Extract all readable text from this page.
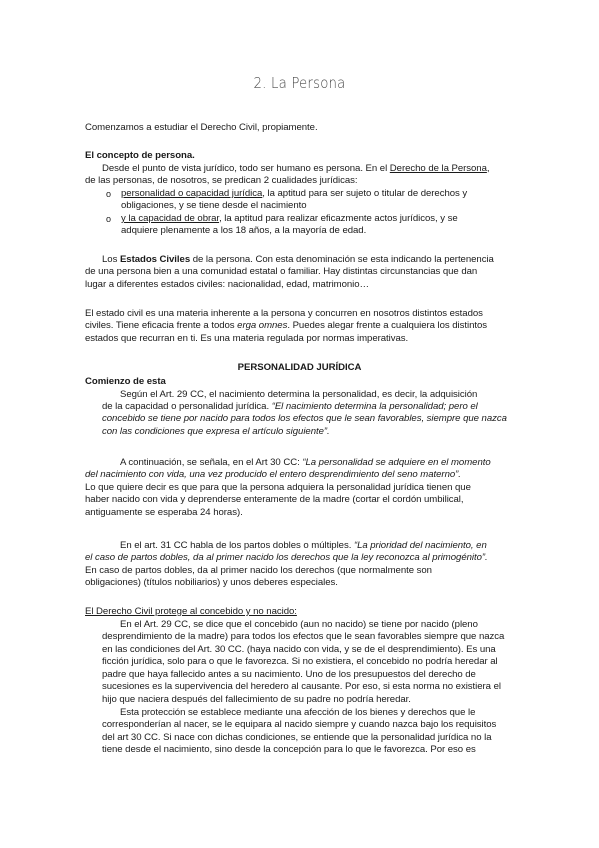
2. La Persona
Comenzamos a estudiar el Derecho Civil, propiamente.
El concepto de persona.
Desde el punto de vista jurídico, todo ser humano es persona. En el Derecho de la Persona,
de las personas, de nosotros, se predican 2 cualidades jurídicas:
o personalidad o capacidad jurídica, la aptitud para ser sujeto o titular de derechos y
obligaciones, y se tiene desde el nacimiento
o y la capacidad de obrar, la aptitud para realizar eficazmente actos jurídicos, y se
adquiere plenamente a los 18 años, a la mayoría de edad.
Los Estados Civiles de la persona. Con esta denominación se esta indicando la pertenencia
de una persona bien a una comunidad estatal o familiar. Hay distintas circunstancias que dan
lugar a diferentes estados civiles: nacionalidad, edad, matrimonio…
El estado civil es una materia inherente a la persona y concurren en nosotros distintos estados
civiles. Tiene eficacia frente a todos erga omnes. Puedes alegar frente a cualquiera los distintos
estados que recurran en ti. Es una materia regulada por normas imperativas.
PERSONALIDAD JURÍDICA
Comienzo de esta
Según el Art. 29 CC, el nacimiento determina la personalidad, es decir, la adquisición
de la capacidad o personalidad jurídica. “El nacimiento determina la personalidad; pero el
concebido se tiene por nacido para todos los efectos que le sean favorables, siempre que nazca
con las condiciones que expresa el artículo siguiente”.
A continuación, se señala, en el Art 30 CC: “La personalidad se adquiere en el momento
del nacimiento con vida, una vez producido el entero desprendimiento del seno materno”.
Lo que quiere decir es que para que la persona adquiera la personalidad jurídica tienen que
haber nacido con vida y deprenderse enteramente de la madre (cortar el cordón umbilical,
antiguamente se esperaba 24 horas).
En el art. 31 CC habla de los partos dobles o múltiples. “La prioridad del nacimiento, en
el caso de partos dobles, da al primer nacido los derechos que la ley reconozca al primogénito”.
En caso de partos dobles, da al primer nacido los derechos (que normalmente son
obligaciones) (títulos nobiliarios) y unos deberes especiales.
El Derecho Civil protege al concebido y no nacido:
En el Art. 29 CC, se dice que el concebido (aun no nacido) se tiene por nacido (pleno
desprendimiento de la madre) para todos los efectos que le sean favorables siempre que nazca
en las condiciones del Art. 30 CC. (haya nacido con vida, y se de el desprendimiento). Es una
ficción jurídica, solo para o que le favorezca. Si no existiera, el concebido no podría heredar al
padre que haya fallecido antes a su nacimiento. Uno de los presupuestos del derecho de
sucesiones es la supervivencia del heredero al causante. Por eso, si esta norma no existiera el
hijo que naciera después del fallecimiento de su padre no podría heredar.
Esta protección se establece mediante una afección de los bienes y derechos que le
corresponderían al nacer, se le equipara al nacido siempre y cuando nazca bajo los requisitos
del art 30 CC. Si nace con dichas condiciones, se entiende que la personalidad jurídica no la
tiene desde el nacimiento, sino desde la concepción para lo que le favorezca. Por eso es
